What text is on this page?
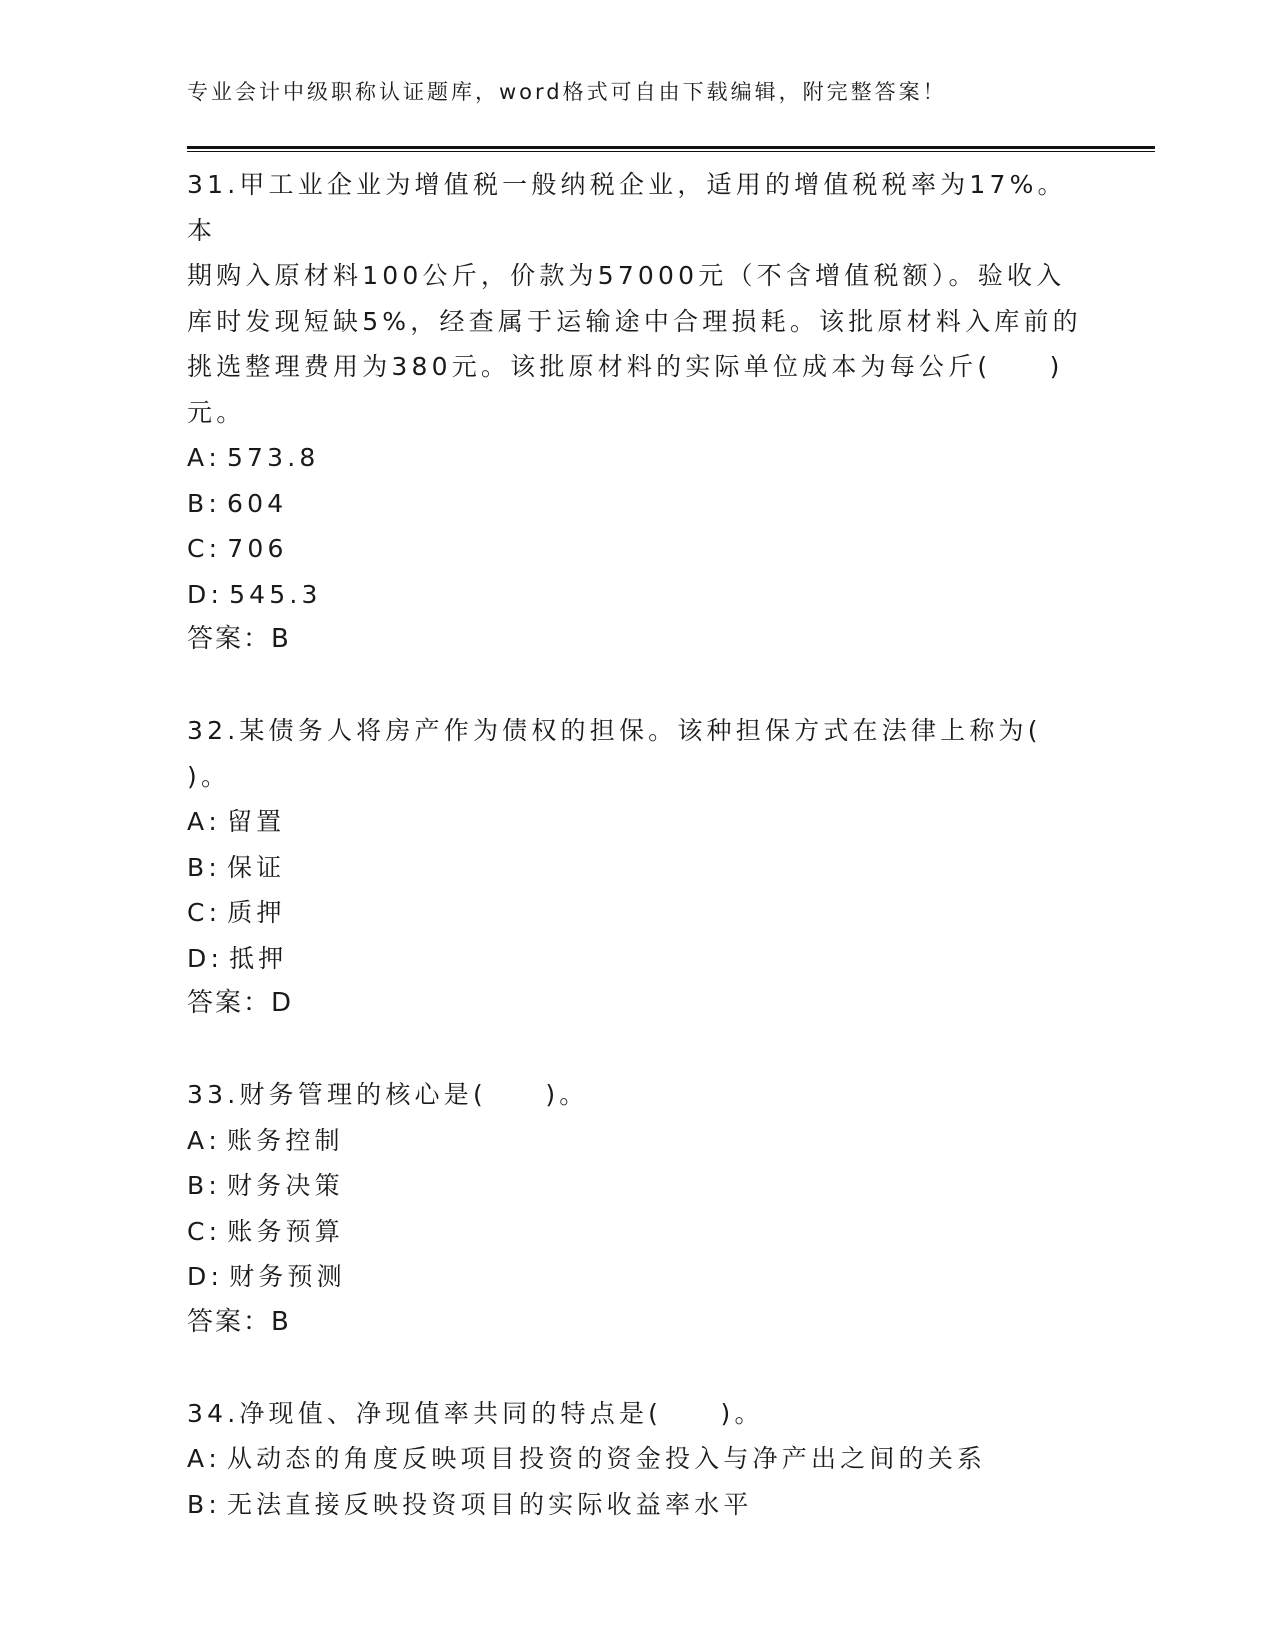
专业会计中级职称认证题库，word格式可自由下载编辑，附完整答案！

31.甲工业企业为增值税一般纳税企业，适用的增值税税率为17%。本

期购入原材料100公斤，价款为57000元（不含增值税额）。验收入

库时发现短缺5%，经查属于运输途中合理损耗。该批原材料入库前的

挑选整理费用为380元。该批原材料的实际单位成本为每公斤(　　)

元。

A : 573.8
B : 604
C : 706
D : 545.3

答案：B

32.某债务人将房产作为债权的担保。该种担保方式在法律上称为(

)。

A : 留置
B : 保证
C : 质押
D : 抵押

答案：D

33.财务管理的核心是(　　)。

A : 账务控制
B : 财务决策
C : 账务预算
D : 财务预测

答案：B

34.净现值、净现值率共同的特点是(　　)。

A : 从动态的角度反映项目投资的资金投入与净产出之间的关系
B : 无法直接反映投资项目的实际收益率水平
